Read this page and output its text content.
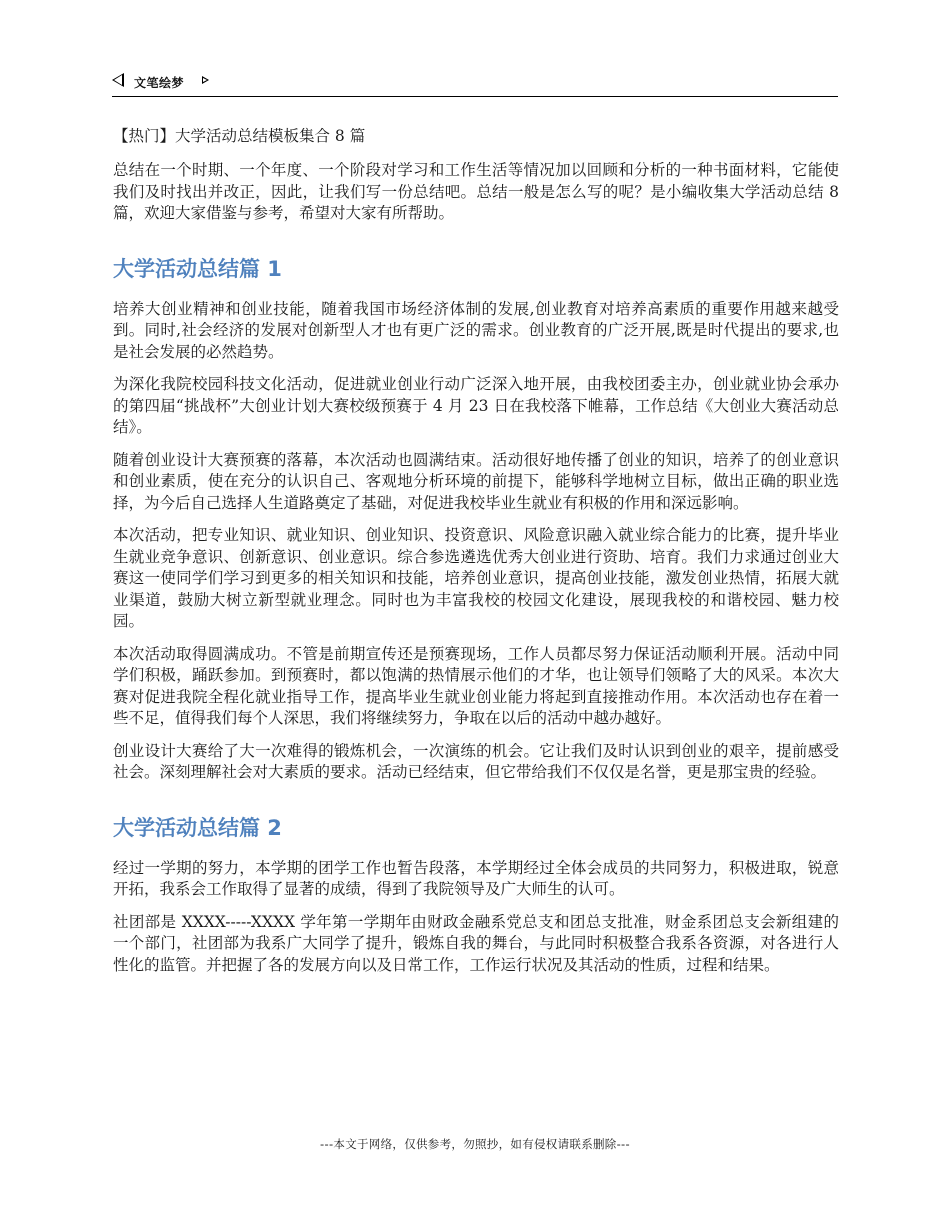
文笔绘梦

【热门】大学活动总结模板集合 8 篇

总结在一个时期、一个年度、一个阶段对学习和工作生活等情况加以回顾和分析的一种书面材料，它能使我们及时找出并改正，因此，让我们写一份总结吧。总结一般是怎么写的呢？是小编收集大学活动总结 8 篇，欢迎大家借鉴与参考，希望对大家有所帮助。

大学活动总结篇 1

培养大创业精神和创业技能，随着我国市场经济体制的发展,创业教育对培养高素质的重要作用越来越受到。同时,社会经济的发展对创新型人才也有更广泛的需求。创业教育的广泛开展,既是时代提出的要求,也是社会发展的必然趋势。

为深化我院校园科技文化活动，促进就业创业行动广泛深入地开展，由我校团委主办，创业就业协会承办的第四届“挑战杯”大创业计划大赛校级预赛于 4 月 23 日在我校落下帷幕，工作总结《大创业大赛活动总结》。

随着创业设计大赛预赛的落幕，本次活动也圆满结束。活动很好地传播了创业的知识，培养了的创业意识和创业素质，使在充分的认识自己、客观地分析环境的前提下，能够科学地树立目标，做出正确的职业选择，为今后自己选择人生道路奠定了基础，对促进我校毕业生就业有积极的作用和深远影响。

本次活动，把专业知识、就业知识、创业知识、投资意识、风险意识融入就业综合能力的比赛，提升毕业生就业竞争意识、创新意识、创业意识。综合参选遴选优秀大创业进行资助、培育。我们力求通过创业大赛这一使同学们学习到更多的相关知识和技能，培养创业意识，提高创业技能，激发创业热情，拓展大就业渠道，鼓励大树立新型就业理念。同时也为丰富我校的校园文化建设，展现我校的和谐校园、魅力校园。

本次活动取得圆满成功。不管是前期宣传还是预赛现场，工作人员都尽努力保证活动顺利开展。活动中同学们积极，踊跃参加。到预赛时，都以饱满的热情展示他们的才华，也让领导们领略了大的风采。本次大赛对促进我院全程化就业指导工作，提高毕业生就业创业能力将起到直接推动作用。本次活动也存在着一些不足，值得我们每个人深思，我们将继续努力，争取在以后的活动中越办越好。

创业设计大赛给了大一次难得的锻炼机会，一次演练的机会。它让我们及时认识到创业的艰辛，提前感受社会。深刻理解社会对大素质的要求。活动已经结束，但它带给我们不仅仅是名誉，更是那宝贵的经验。

大学活动总结篇 2

经过一学期的努力，本学期的团学工作也暂告段落，本学期经过全体会成员的共同努力，积极进取，锐意开拓，我系会工作取得了显著的成绩，得到了我院领导及广大师生的认可。

社团部是 XXXX-----XXXX 学年第一学期年由财政金融系党总支和团总支批准，财金系团总支会新组建的一个部门，社团部为我系广大同学了提升，锻炼自我的舞台，与此同时积极整合我系各资源，对各进行人性化的监管。并把握了各的发展方向以及日常工作，工作运行状况及其活动的性质，过程和结果。

---本文于网络，仅供参考，勿照抄，如有侵权请联系删除---
